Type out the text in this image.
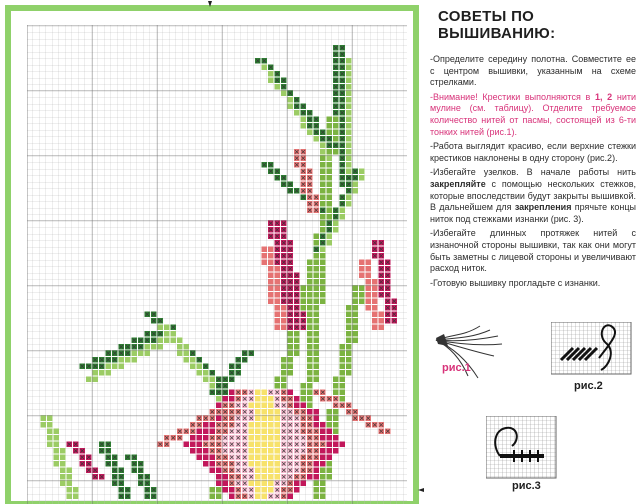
СОВЕТЫ ПО ВЫШИВАНИЮ:

-Определите середину полотна. Совместите ее с центром вышивки, указанным на схеме стрелками.

-Внимание! Крестики выполняются в 1, 2 нити мулине (см. таблицу). Отделите требуемое количество нитей от пасмы, состоящей из 6-ти тонких нитей (рис.1).

-Работа выглядит красиво, если верхние стежки крестиков наклонены в одну сторону (рис.2).

-Избегайте узелков. В начале работы нить закрепляйте с помощью нескольких стежков, которые впоследствии будут закрыты вышивкой. В дальнейшем для закрепления прячьте концы ниток под стежками изнанки (рис. 3).

-Избегайте длинных протяжек нитей с изнаночной стороны вышивки, так как они могут быть заметны с лицевой стороны и увеличивают расход ниток.

-Готовую вышивку прогладьте с изнанки.

рис.1
рис.2
рис.3
